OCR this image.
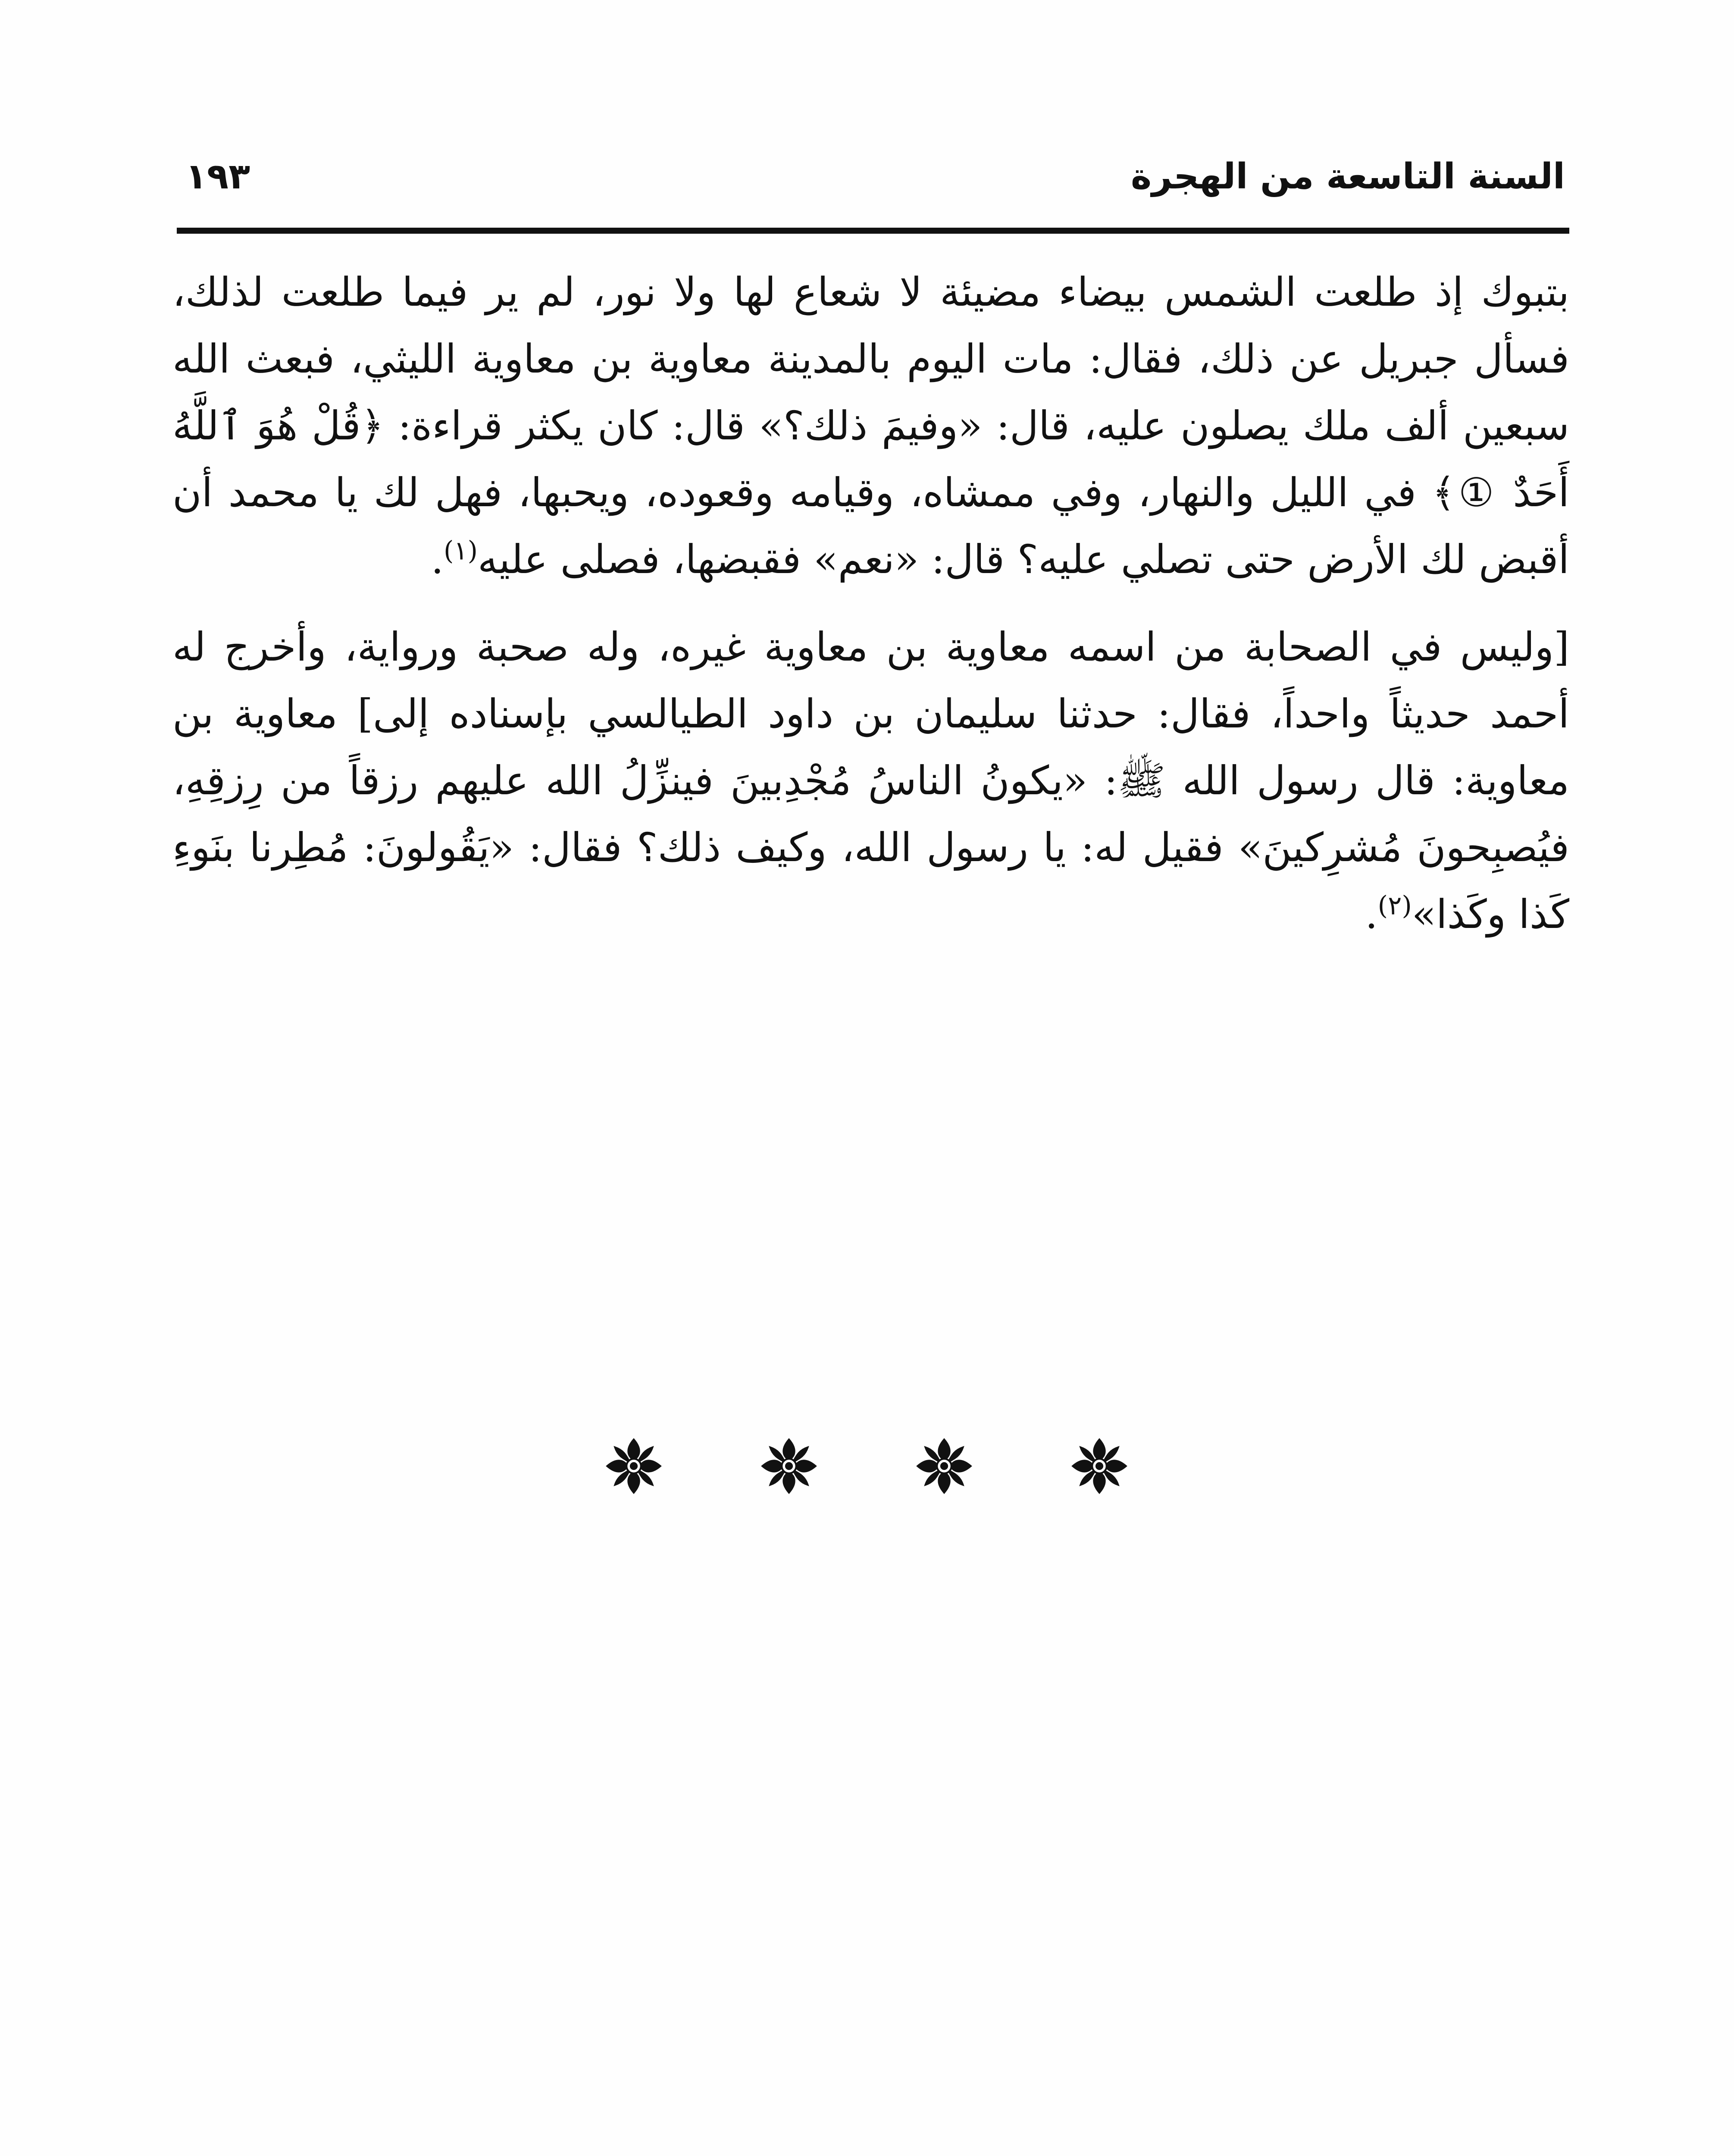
السنة التاسعة من الهجرة
١٩٣

بتبوك إذ طلعت الشمس بيضاء مضيئة لا شعاع لها ولا نور، لم ير فيما طلعت لذلك، فسأل جبريل عن ذلك، فقال: مات اليوم بالمدينة معاوية بن معاوية الليثي، فبعث الله سبعين ألف ملك يصلون عليه، قال: «وفيمَ ذلك؟» قال: كان يكثر قراءة: ﴿قُلْ هُوَ ٱللَّهُ أَحَدٌ ①﴾ في الليل والنهار، وفي ممشاه، وقيامه وقعوده، ويحبها، فهل لك يا محمد أن أقبض لك الأرض حتى تصلي عليه؟ قال: «نعم» فقبضها، فصلى عليه$^{(١)}$.

[وليس في الصحابة من اسمه معاوية بن معاوية غيره، وله صحبة ورواية، وأخرج له أحمد حديثاً واحداً، فقال: حدثنا سليمان بن داود الطيالسي بإسناده إلى] معاوية بن معاوية: قال رسول الله ﷺ: «يكونُ الناسُ مُجْدِبينَ فينزِّلُ الله عليهم رزقاً من رِزقِهِ، فيُصبِحونَ مُشرِكينَ» فقيل له: يا رسول الله، وكيف ذلك؟ فقال: «يَقُولونَ: مُطِرنا بنَوءِ كَذا وكَذا»$^{(٢)}$.
